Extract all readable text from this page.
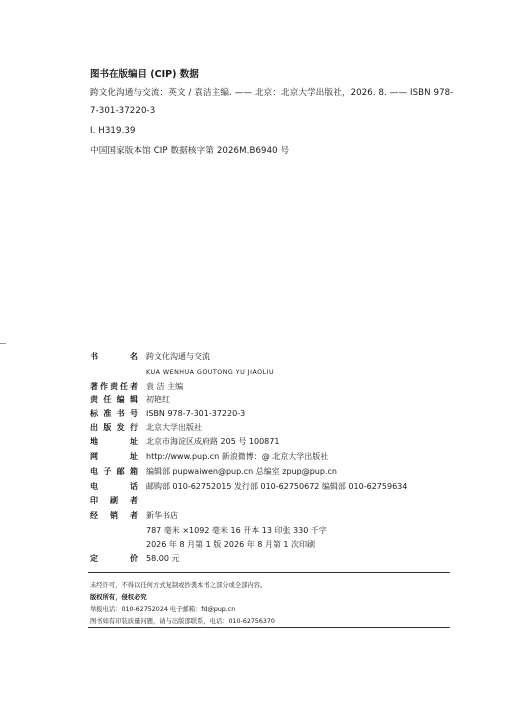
图书在版编目 (CIP) 数据
跨文化沟通与交流：英文 / 袁洁主编. —— 北京：北京大学出版社，2026. 8. —— ISBN 978-
7-301-37220-3
Ⅰ. H319.39
中国国家版本馆 CIP 数据核字第 2026M.B6940 号
书 名 跨文化沟通与交流
KUA WENHUA GOUTONG YU JIAOLIU
著作责任者 袁 洁 主编
责任编辑 初艳红
标准书号 ISBN 978-7-301-37220-3
出版发行 北京大学出版社
地 址 北京市海淀区成府路 205 号 100871
网 址 http://www.pup.cn 新浪微博：@ 北京大学出版社
电子邮箱 编辑部 pupwaiwen@pup.cn 总编室 zpup@pup.cn
电 话 邮购部 010-62752015 发行部 010-62750672 编辑部 010-62759634
印 刷 者
经 销 者 新华书店
787 毫米 ×1092 毫米 16 开本 13 印张 330 千字
2026 年 8 月第 1 版 2026 年 8 月第 1 次印刷
定 价 58.00 元
未经许可，不得以任何方式复制或抄袭本书之部分或全部内容。
版权所有，侵权必究
举报电话：010-62752024 电子邮箱：fd@pup.cn
图书如有印装质量问题，请与出版部联系，电话：010-62756370
